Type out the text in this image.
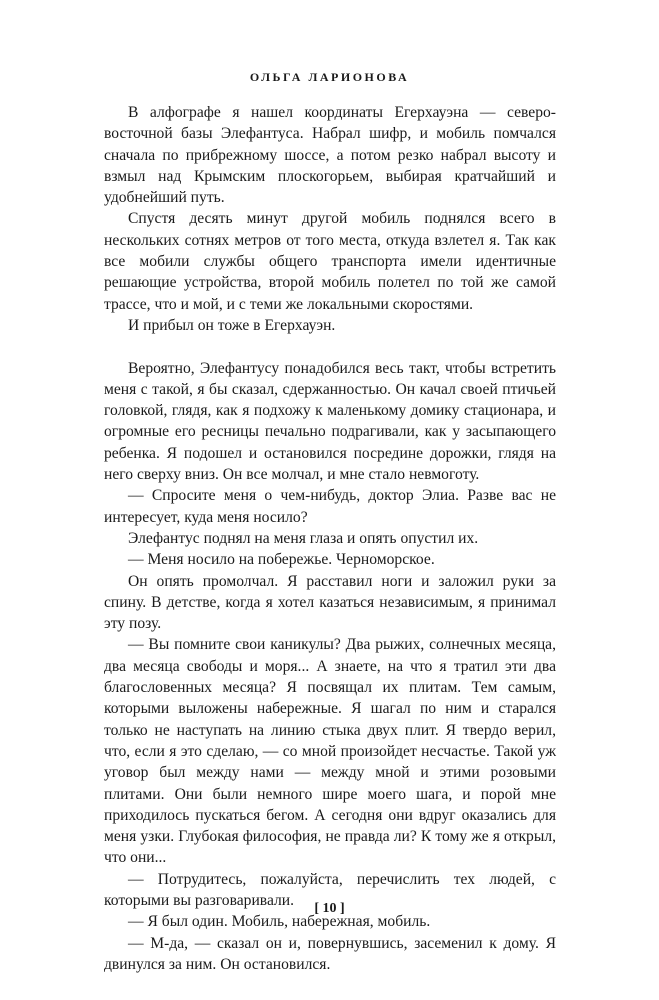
ОЛЬГА ЛАРИОНОВА

В алфографе я нашел координаты Егерхауэна — северо-восточной базы Элефантуса. Набрал шифр, и мобиль помчался сначала по прибрежному шоссе, а потом резко набрал высоту и взмыл над Крымским плоскогорьем, выбирая кратчайший и удобнейший путь.

Спустя десять минут другой мобиль поднялся всего в нескольких сотнях метров от того места, откуда взлетел я. Так как все мобили службы общего транспорта имели идентичные решающие устройства, второй мобиль полетел по той же самой трассе, что и мой, и с теми же локальными скоростями.

И прибыл он тоже в Егерхауэн.

Вероятно, Элефантусу понадобился весь такт, чтобы встретить меня с такой, я бы сказал, сдержанностью. Он качал своей птичьей головкой, глядя, как я подхожу к маленькому домику стационара, и огромные его ресницы печально подрагивали, как у засыпающего ребенка. Я подошел и остановился посредине дорожки, глядя на него сверху вниз. Он все молчал, и мне стало невмоготу.

— Спросите меня о чем-нибудь, доктор Элиа. Разве вас не интересует, куда меня носило?

Элефантус поднял на меня глаза и опять опустил их.

— Меня носило на побережье. Черноморское.

Он опять промолчал. Я расставил ноги и заложил руки за спину. В детстве, когда я хотел казаться независимым, я принимал эту позу.

— Вы помните свои каникулы? Два рыжих, солнечных месяца, два месяца свободы и моря... А знаете, на что я тратил эти два благословенных месяца? Я посвящал их плитам. Тем самым, которыми выложены набережные. Я шагал по ним и старался только не наступать на линию стыка двух плит. Я твердо верил, что, если я это сделаю, — со мной произойдет несчастье. Такой уж уговор был между нами — между мной и этими розовыми плитами. Они были немного шире моего шага, и порой мне приходилось пускаться бегом. А сегодня они вдруг оказались для меня узки. Глубокая философия, не правда ли? К тому же я открыл, что они...

— Потрудитесь, пожалуйста, перечислить тех людей, с которыми вы разговаривали.

— Я был один. Мобиль, набережная, мобиль.

— М-да, — сказал он и, повернувшись, засеменил к дому. Я двинулся за ним. Он остановился.

[ 10 ]
